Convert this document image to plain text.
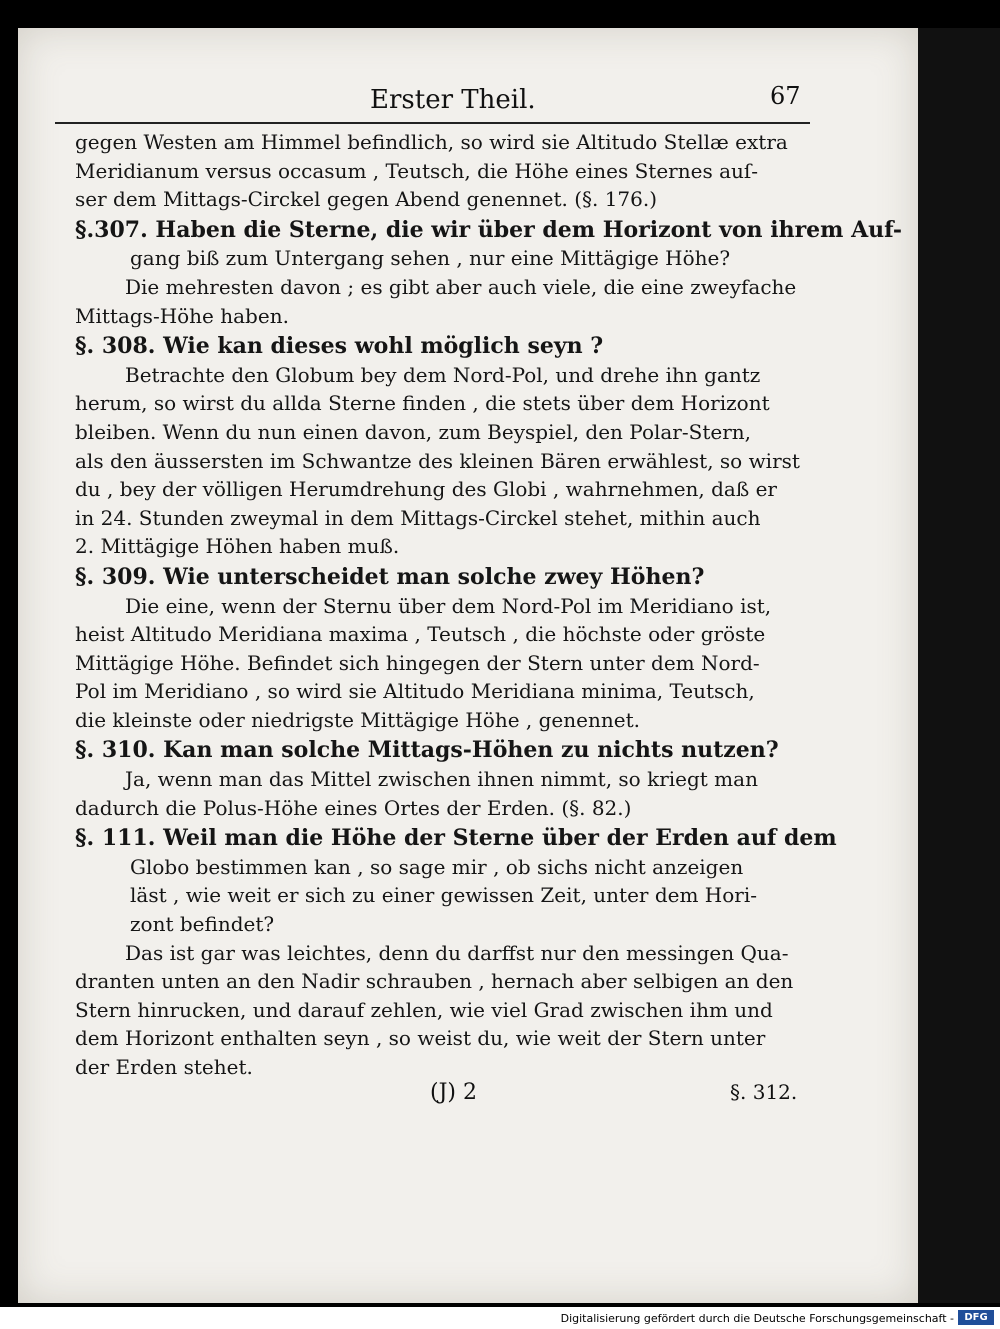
Erster Theil.	67
gegen Westen am Himmel befindlich, so wird sie Altitudo Stellæ extra
Meridianum versus occasum , Teutsch, die Höhe eines Sternes auſ-
ser dem Mittags-Circkel gegen Abend genennet. (§. 176.)
§.307. Haben die Sterne, die wir über dem Horizont von ihrem Auf-
gang biß zum Untergang sehen , nur eine Mittägige Höhe?
Die mehresten davon ; es gibt aber auch viele, die eine zweyfache
Mittags-Höhe haben.
§. 308. Wie kan dieses wohl möglich seyn ?
Betrachte den Globum bey dem Nord-Pol, und drehe ihn gantz
herum, so wirst du allda Sterne finden , die stets über dem Horizont
bleiben. Wenn du nun einen davon, zum Beyspiel, den Polar-Stern,
als den äussersten im Schwantze des kleinen Bären erwählest, so wirst
du , bey der völligen Herumdrehung des Globi , wahrnehmen, daß er
in 24. Stunden zweymal in dem Mittags-Circkel stehet, mithin auch
2. Mittägige Höhen haben muß.
§. 309. Wie unterscheidet man solche zwey Höhen?
Die eine, wenn der Sternu über dem Nord-Pol im Meridiano ist,
heist Altitudo Meridiana maxima , Teutsch , die höchste oder gröste
Mittägige Höhe. Befindet sich hingegen der Stern unter dem Nord-
Pol im Meridiano , so wird sie Altitudo Meridiana minima, Teutsch,
die kleinste oder niedrigste Mittägige Höhe , genennet.
§. 310. Kan man solche Mittags-Höhen zu nichts nutzen?
Ja, wenn man das Mittel zwischen ihnen nimmt, so kriegt man
dadurch die Polus-Höhe eines Ortes der Erden. (§. 82.)
§. 111. Weil man die Höhe der Sterne über der Erden auf dem
Globo bestimmen kan , so sage mir , ob sichs nicht anzeigen
läst , wie weit er sich zu einer gewissen Zeit, unter dem Hori-
zont befindet?
Das ist gar was leichtes, denn du darffst nur den messingen Qua-
dranten unten an den Nadir schrauben , hernach aber selbigen an den
Stern hinrucken, und darauf zehlen, wie viel Grad zwischen ihm und
dem Horizont enthalten seyn , so weist du, wie weit der Stern unter
der Erden stehet.
(J) 2	§. 312.
Digitalisierung gefördert durch die Deutsche Forschungsgemeinschaft -	DFG
